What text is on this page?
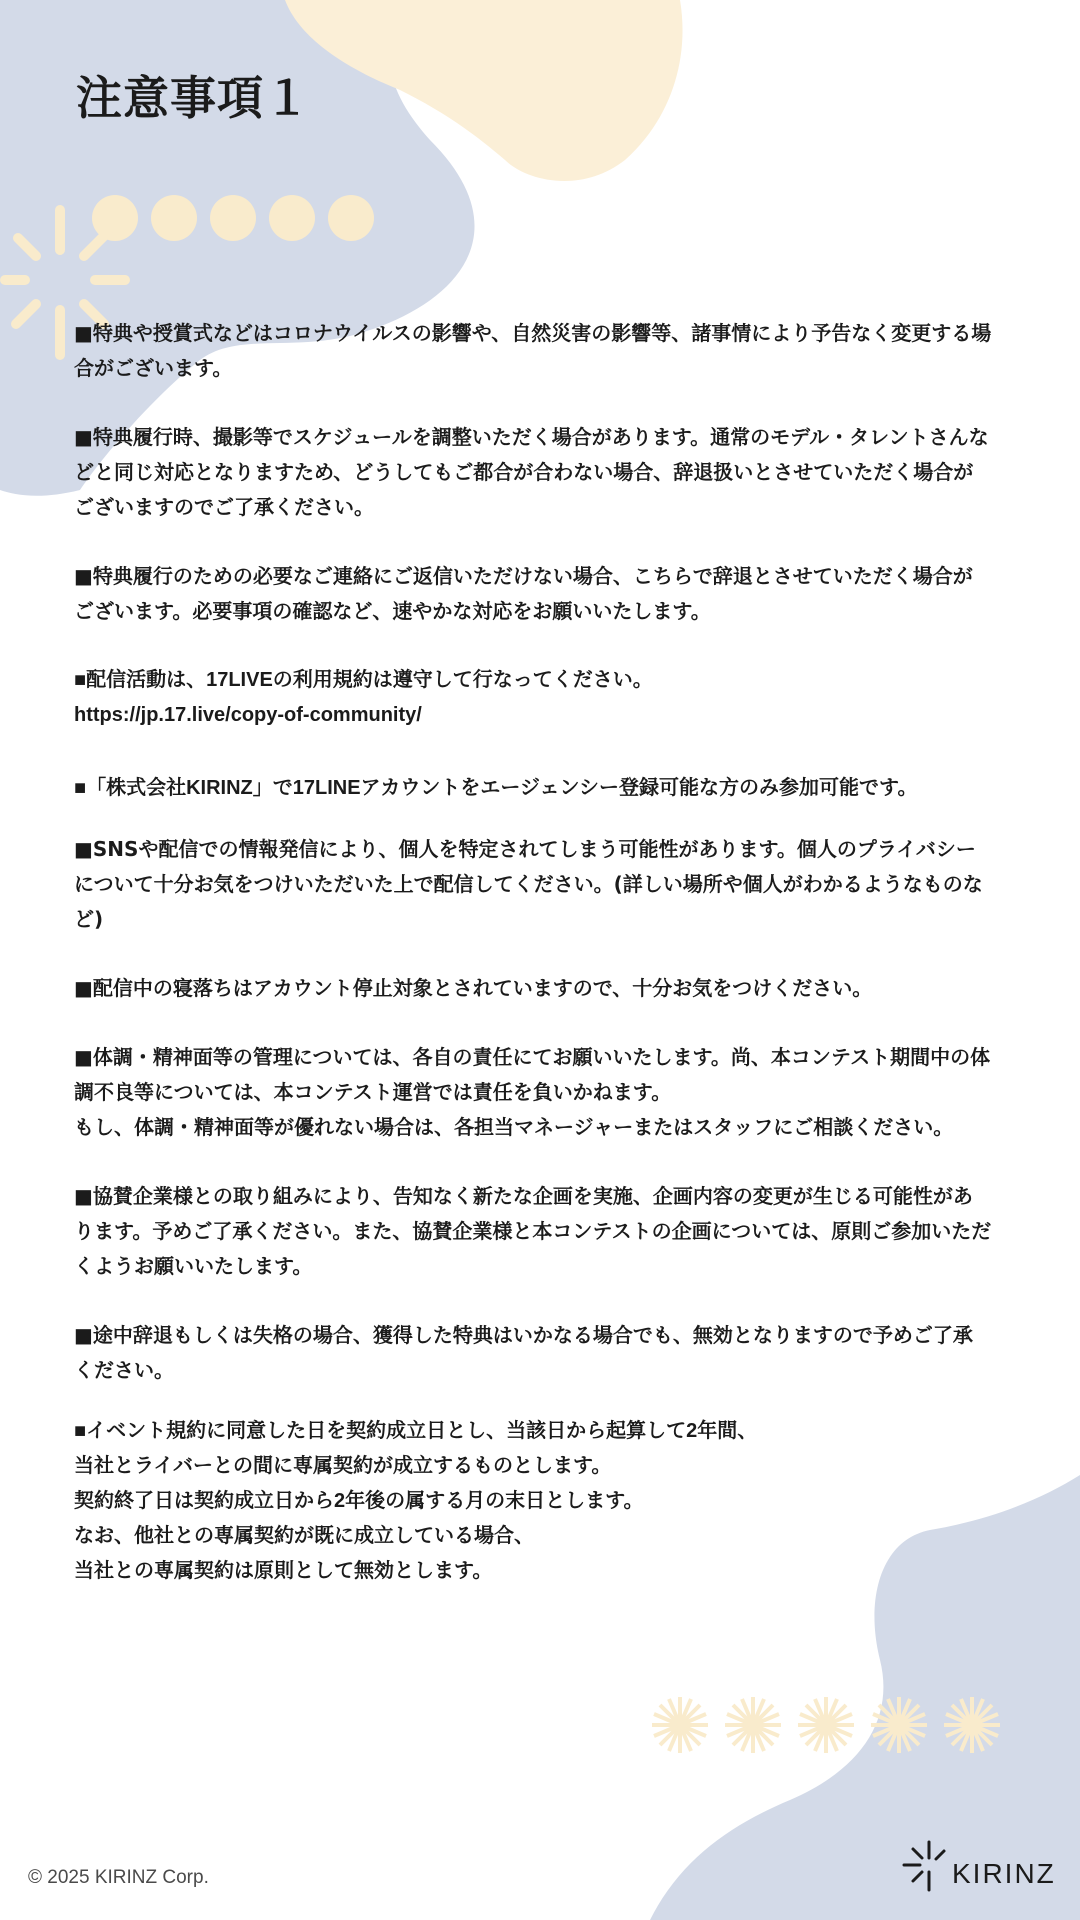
注意事項１

■特典や授賞式などはコロナウイルスの影響や、自然災害の影響等、諸事情により予告なく変更する場合がございます。

■特典履行時、撮影等でスケジュールを調整いただく場合があります。通常のモデル・タレントさんなどと同じ対応となりますため、どうしてもご都合が合わない場合、辞退扱いとさせていただく場合がございますのでご了承ください。

■特典履行のための必要なご連絡にご返信いただけない場合、こちらで辞退とさせていただく場合がございます。必要事項の確認など、速やかな対応をお願いいたします。

■配信活動は、17LIVEの利用規約は遵守して行なってください。

https://jp.17.live/copy-of-community/

■「株式会社KIRINZ」で17LINEアカウントをエージェンシー登録可能な方のみ参加可能です。

■SNSや配信での情報発信により、個人を特定されてしまう可能性があります。個人のプライバシーについて十分お気をつけいただいた上で配信してください。(詳しい場所や個人がわかるようなものなど)

■配信中の寝落ちはアカウント停止対象とされていますので、十分お気をつけください。

■体調・精神面等の管理については、各自の責任にてお願いいたします。尚、本コンテスト期間中の体調不良等については、本コンテスト運営では責任を負いかねます。
もし、体調・精神面等が優れない場合は、各担当マネージャーまたはスタッフにご相談ください。

■協賛企業様との取り組みにより、告知なく新たな企画を実施、企画内容の変更が生じる可能性があります。予めご了承ください。また、協賛企業様と本コンテストの企画については、原則ご参加いただくようお願いいたします。

■途中辞退もしくは失格の場合、獲得した特典はいかなる場合でも、無効となりますので予めご了承ください。

■イベント規約に同意した日を契約成立日とし、当該日から起算して2年間、
当社とライバーとの間に専属契約が成立するものとします。
契約終了日は契約成立日から2年後の属する月の末日とします。
なお、他社との専属契約が既に成立している場合、
当社との専属契約は原則として無効とします。

© 2025 KIRINZ Corp.	KIRINZ
